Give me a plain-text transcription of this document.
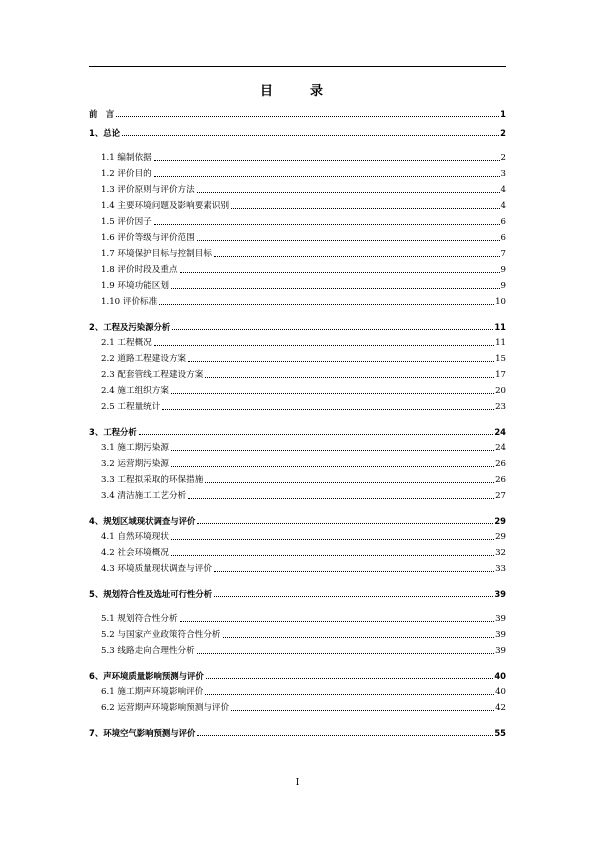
目　录
前　言	1
1、总论	2
1.1 编制依据	2
1.2 评价目的	3
1.3 评价原则与评价方法	4
1.4 主要环境问题及影响要素识别	4
1.5 评价因子	6
1.6 评价等级与评价范围	6
1.7 环境保护目标与控制目标	7
1.8 评价时段及重点	9
1.9 环境功能区划	9
1.10 评价标准	10
2、工程及污染源分析	11
2.1 工程概况	11
2.2 道路工程建设方案	15
2.3 配套管线工程建设方案	17
2.4 施工组织方案	20
2.5 工程量统计	23
3、工程分析	24
3.1 施工期污染源	24
3.2 运营期污染源	26
3.3 工程拟采取的环保措施	26
3.4 清洁施工工艺分析	27
4、规划区域现状调查与评价	29
4.1 自然环境现状	29
4.2 社会环境概况	32
4.3 环境质量现状调查与评价	33
5、规划符合性及选址可行性分析	39
5.1 规划符合性分析	39
5.2 与国家产业政策符合性分析	39
5.3 线路走向合理性分析	39
6、声环境质量影响预测与评价	40
6.1 施工期声环境影响评价	40
6.2 运营期声环境影响预测与评价	42
7、环境空气影响预测与评价	55
I
